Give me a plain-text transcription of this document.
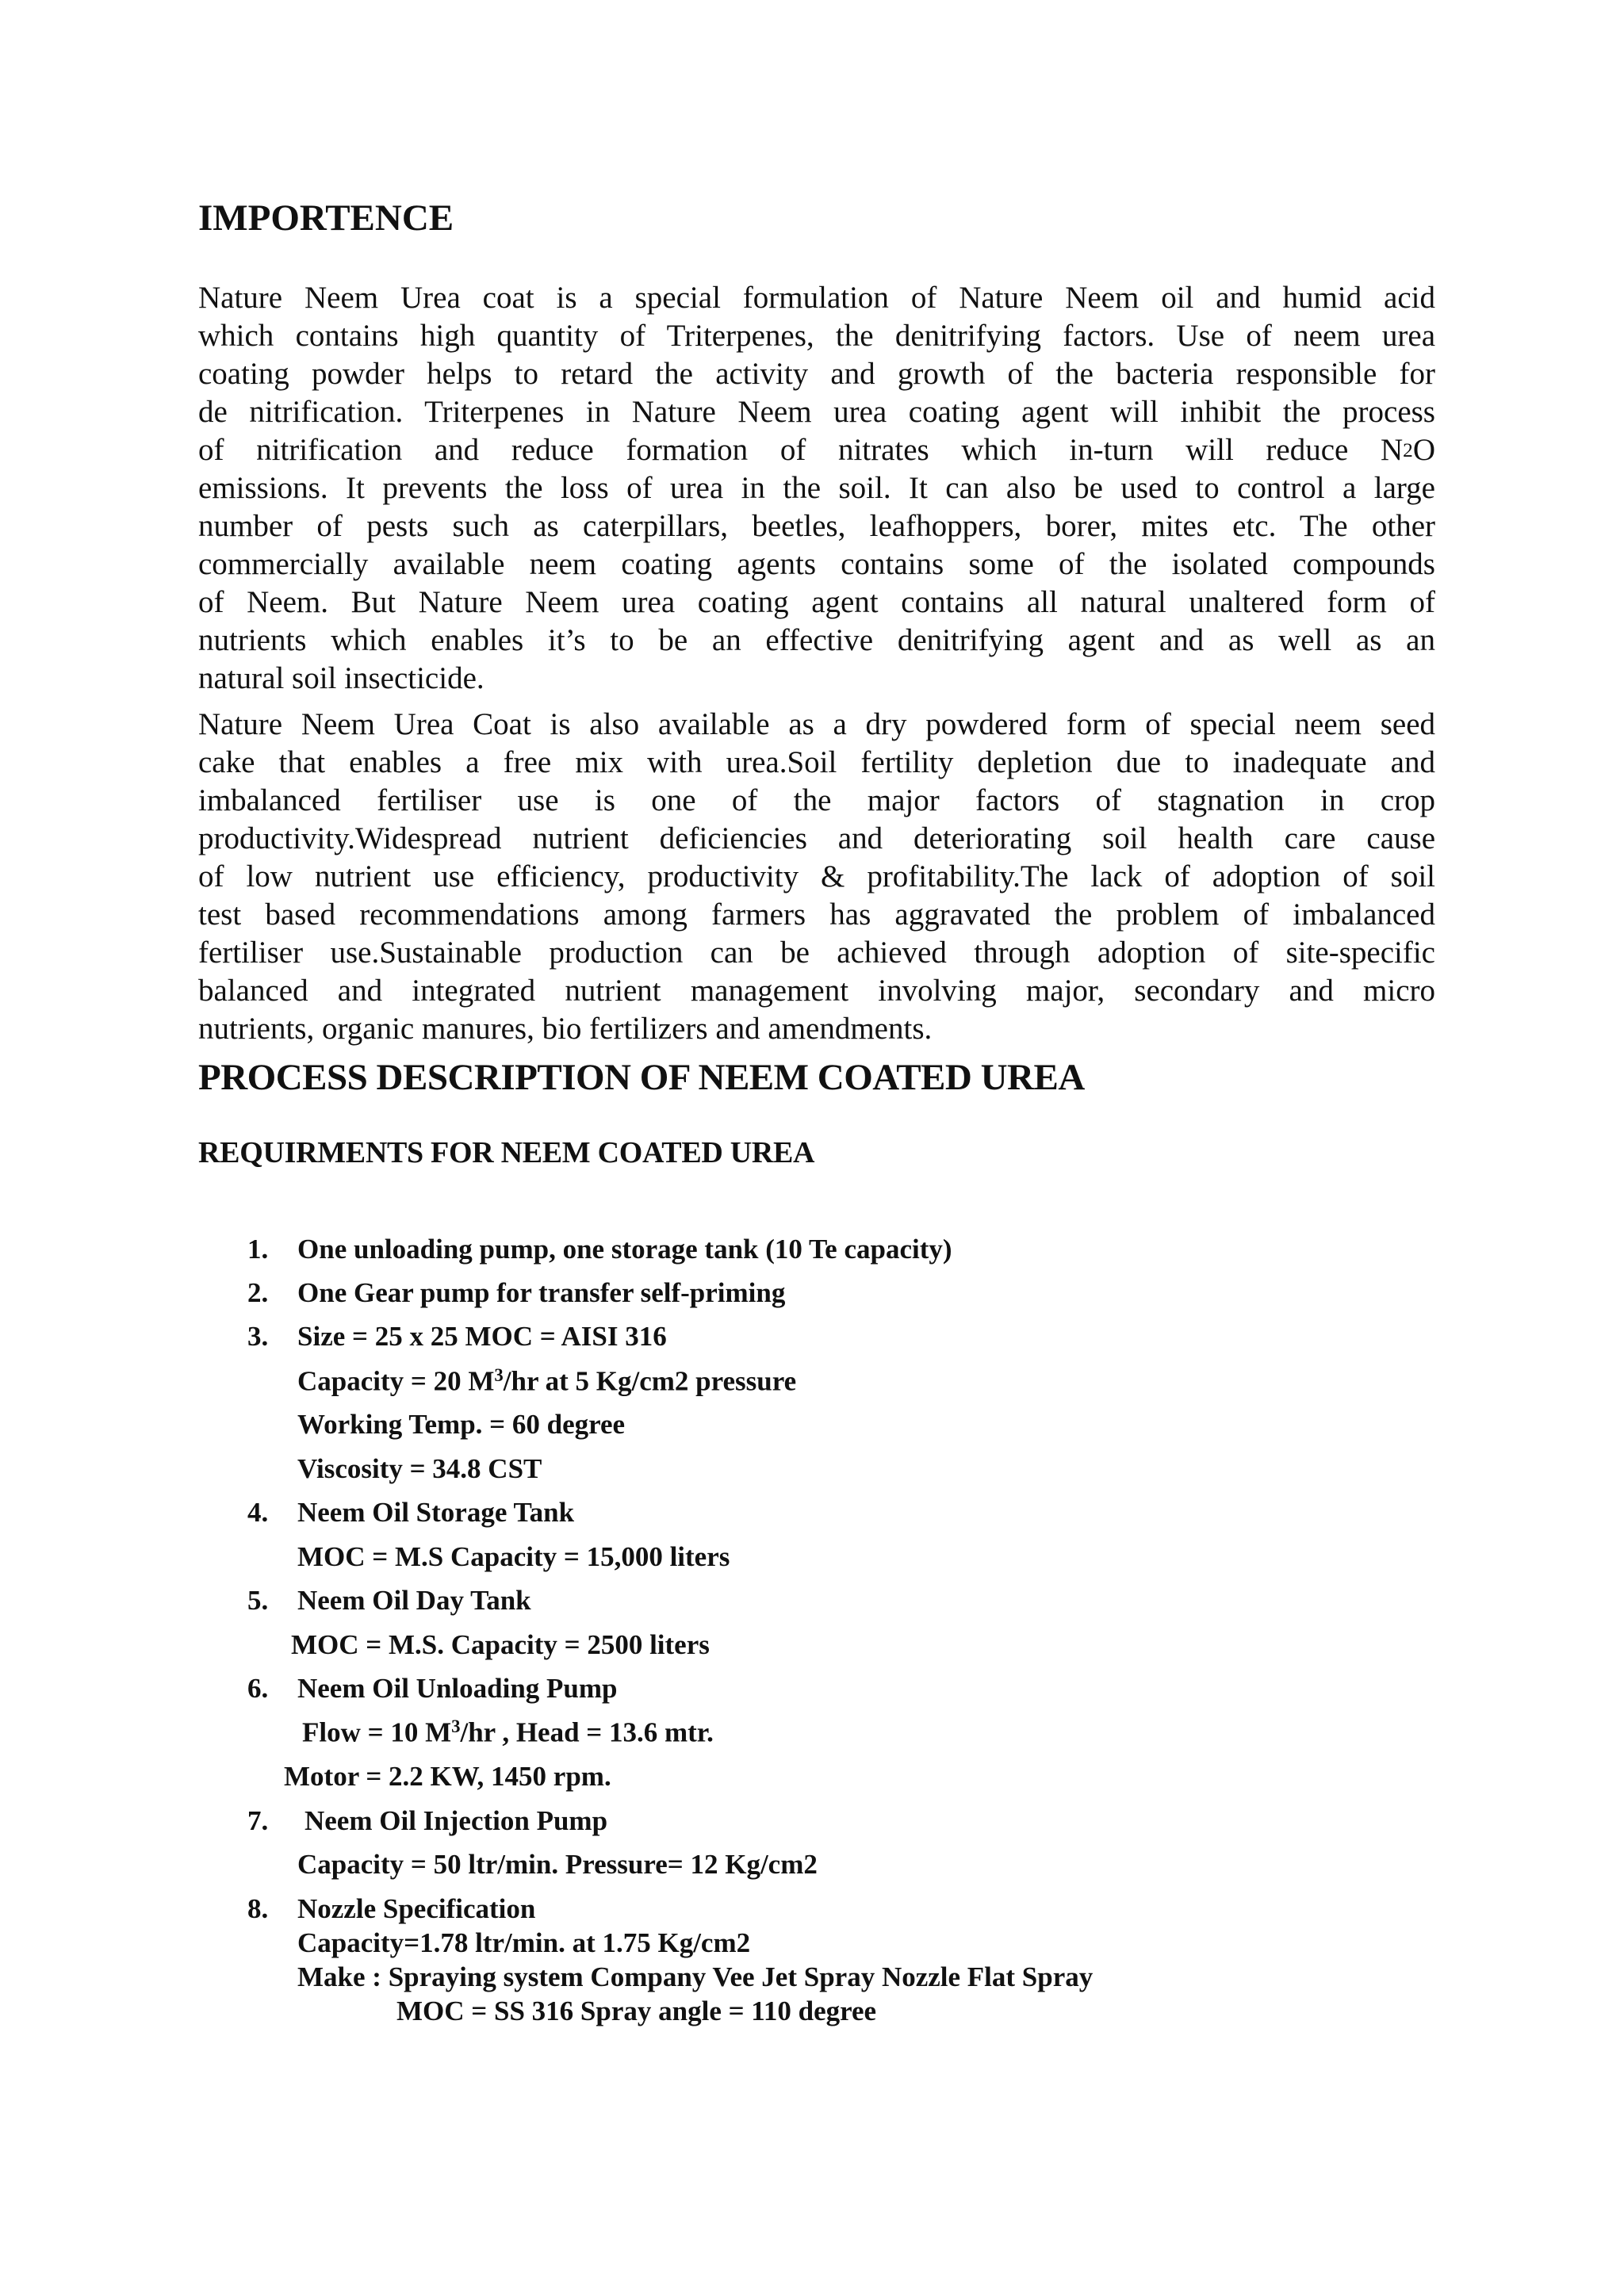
IMPORTENCE
Nature Neem Urea coat is a special formulation of Nature Neem oil and humid acid
which contains high quantity of Triterpenes, the denitrifying factors. Use of neem urea
coating powder helps to retard the activity and growth of the bacteria responsible for
de nitrification. Triterpenes in Nature Neem urea coating agent will inhibit the process
of nitrification and reduce formation of nitrates which in-turn will reduce N 2 O
emissions. It prevents the loss of urea in the soil. It can also be used to control a large
number of pests such as caterpillars, beetles, leafhoppers, borer, mites etc. The other
commercially available neem coating agents contains some of the isolated compounds
of Neem. But Nature Neem urea coating agent contains all natural unaltered form of
nutrients which enables it’s to be an effective denitrifying agent and as well as an
natural soil insecticide.
Nature Neem Urea Coat is also available as a dry powdered form of special neem seed
cake that enables a free mix with urea.Soil fertility depletion due to inadequate and
imbalanced fertiliser use is one of the major factors of stagnation in crop
productivity.Widespread nutrient deficiencies and deteriorating soil health care cause
of low nutrient use efficiency, productivity & profitability.The lack of adoption of soil
test based recommendations among farmers has aggravated the problem of imbalanced
fertiliser use.Sustainable production can be achieved through adoption of site-specific
balanced and integrated nutrient management involving major, secondary and micro
nutrients, organic manures, bio fertilizers and amendments.
PROCESS DESCRIPTION OF NEEM COATED UREA
REQUIRMENTS FOR NEEM COATED UREA
1. One unloading pump, one storage tank (10 Te capacity)
2. One Gear pump for transfer self-priming
3. Size = 25 x 25 MOC = AISI 316
Capacity = 20 $M^3/hr$ at 5 Kg/cm2 pressure
Working Temp. = 60 degree
Viscosity = 34.8 CST
4. Neem Oil Storage Tank
MOC = M.S Capacity = 15,000 liters
5. Neem Oil Day Tank
MOC = M.S. Capacity = 2500 liters
6. Neem Oil Unloading Pump
Flow = 10 $M^3/hr$ , Head = 13.6 mtr.
Motor = 2.2 KW, 1450 rpm.
7. Neem Oil Injection Pump
Capacity = 50 ltr/min. Pressure= 12 Kg/cm2
8. Nozzle Specification
Capacity=1.78 ltr/min. at 1.75 Kg/cm2
Make : Spraying system Company Vee Jet Spray Nozzle Flat Spray
MOC = SS 316 Spray angle = 110 degree
